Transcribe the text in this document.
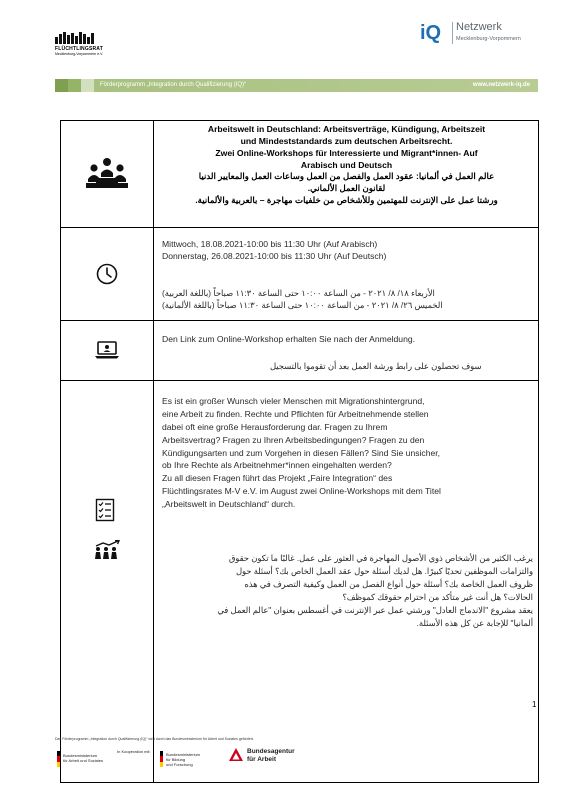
FLÜCHTLINGSRAT
Mecklenburg-Vorpommern e.V.
iQ Netzwerk
Mecklenburg-Vorpommern
Förderprogramm „Integration durch Qualifizierung (IQ)“	www.netzwerk-iq.de
Arbeitswelt in Deutschland: Arbeitsverträge, Kündigung, Arbeitszeit
und Mindeststandards zum deutschen Arbeitsrecht.
Zwei Online-Workshops für Interessierte und Migrant*innen- Auf
Arabisch und Deutsch
عالم العمل في ألمانيا: عقود العمل والفصل من العمل وساعات العمل والمعايير الدنيا
لقانون العمل الألماني.
ورشتا عمل على الإنترنت للمهتمين وللأشخاص من خلفيات مهاجرة – بالعربية والألمانية.
Mittwoch, 18.08.2021-10:00 bis 11:30 Uhr (Auf Arabisch)
Donnerstag, 26.08.2021-10:00 bis 11:30 Uhr (Auf Deutsch)
الأربعاء ١٨/ ٨/ ٢٠٢١ - من الساعة ١٠:٠٠ حتى الساعة ١١:٣٠ صباحاً (باللغة العربية)
الخميس ٢٦/ ٨/ ٢٠٢١ - من الساعة ١٠:٠٠ حتى الساعة ١١:٣٠ صباحاً (باللغة الألمانية)
Den Link zum Online-Workshop erhalten Sie nach der Anmeldung.
سوف تحصلون على رابط ورشة العمل بعد أن تقوموا بالتسجيل
Es ist ein großer Wunsch vieler Menschen mit Migrationshintergrund,
eine Arbeit zu finden. Rechte und Pflichten für Arbeitnehmende stellen
dabei oft eine große Herausforderung dar. Fragen zu Ihrem
Arbeitsvertrag? Fragen zu Ihren Arbeitsbedingungen? Fragen zu den
Kündigungsarten und zum Vorgehen in diesen Fällen? Sind Sie unsicher,
ob Ihre Rechte als Arbeitnehmer*innen eingehalten werden?
Zu all diesen Fragen führt das Projekt „Faire Integration“ des
Flüchtlingsrates M-V e.V. im August zwei Online-Workshops mit dem Titel
„Arbeitswelt in Deutschland“ durch.
يرغب الكثير من الأشخاص ذوي الأصول المهاجرة في العثور على عمل. غالبًا ما تكون حقوق
والتزامات الموظفين تحديًا كبيرًا. هل لديك أسئلة حول عقد العمل الخاص بك؟ أسئلة حول
ظروف العمل الخاصة بك؟ أسئلة حول أنواع الفصل من العمل وكيفية التصرف في هذه
الحالات؟ هل أنت غير متأكد من احترام حقوقك كموظف؟
يعقد مشروع "الاندماج العادل" ورشتي عمل عبر الإنترنت في أغسطس بعنوان "عالم العمل في
ألمانيا" للإجابة عن كل هذه الأسئلة.
1
Das Förderprogramm „Integration durch Qualifizierung (IQ)“ wird durch das Bundesministerium für Arbeit und Soziales gefördert.
Bundesministerium
für Arbeit und Soziales
In Kooperation mit:
Bundesministerium
für Bildung
und Forschung
Bundesagentur
für Arbeit
